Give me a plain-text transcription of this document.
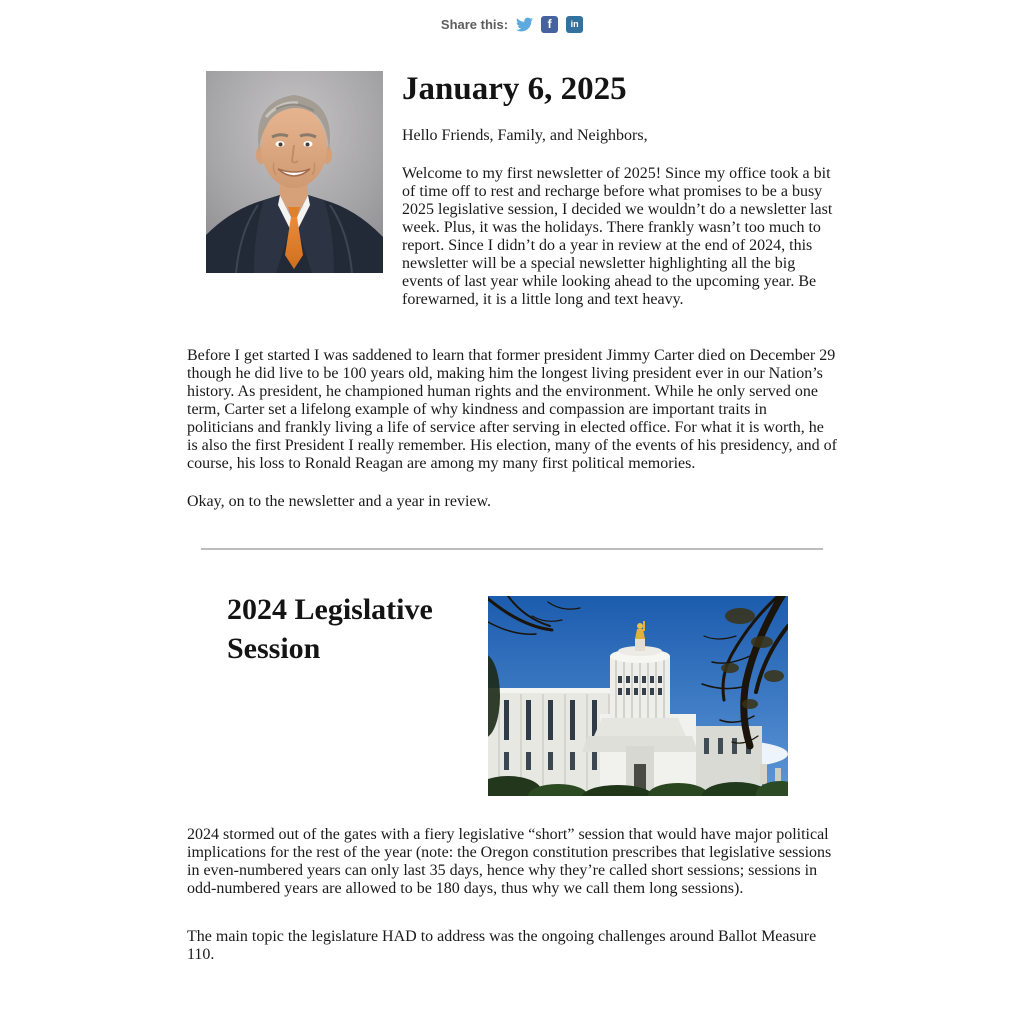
Share this:	f in
January 6, 2025

Hello Friends, Family, and Neighbors,

Welcome to my first newsletter of 2025! Since my office took a bit of time off to rest and recharge before what promises to be a busy 2025 legislative session, I decided we wouldn’t do a newsletter last week. Plus, it was the holidays. There frankly wasn’t too much to report. Since I didn’t do a year in review at the end of 2024, this newsletter will be a special newsletter highlighting all the big events of last year while looking ahead to the upcoming year. Be forewarned, it is a little long and text heavy.

Before I get started I was saddened to learn that former president Jimmy Carter died on December 29 though he did live to be 100 years old, making him the longest living president ever in our Nation’s history. As president, he championed human rights and the environment. While he only served one term, Carter set a lifelong example of why kindness and compassion are important traits in politicians and frankly living a life of service after serving in elected office. For what it is worth, he is also the first President I really remember. His election, many of the events of his presidency, and of course, his loss to Ronald Reagan are among my many first political memories.

Okay, on to the newsletter and a year in review.

2024 Legislative Session

2024 stormed out of the gates with a fiery legislative “short” session that would have major political implications for the rest of the year (note: the Oregon constitution prescribes that legislative sessions in even-numbered years can only last 35 days, hence why they’re called short sessions; sessions in odd-numbered years are allowed to be 180 days, thus why we call them long sessions).

The main topic the legislature HAD to address was the ongoing challenges around Ballot Measure 110.
